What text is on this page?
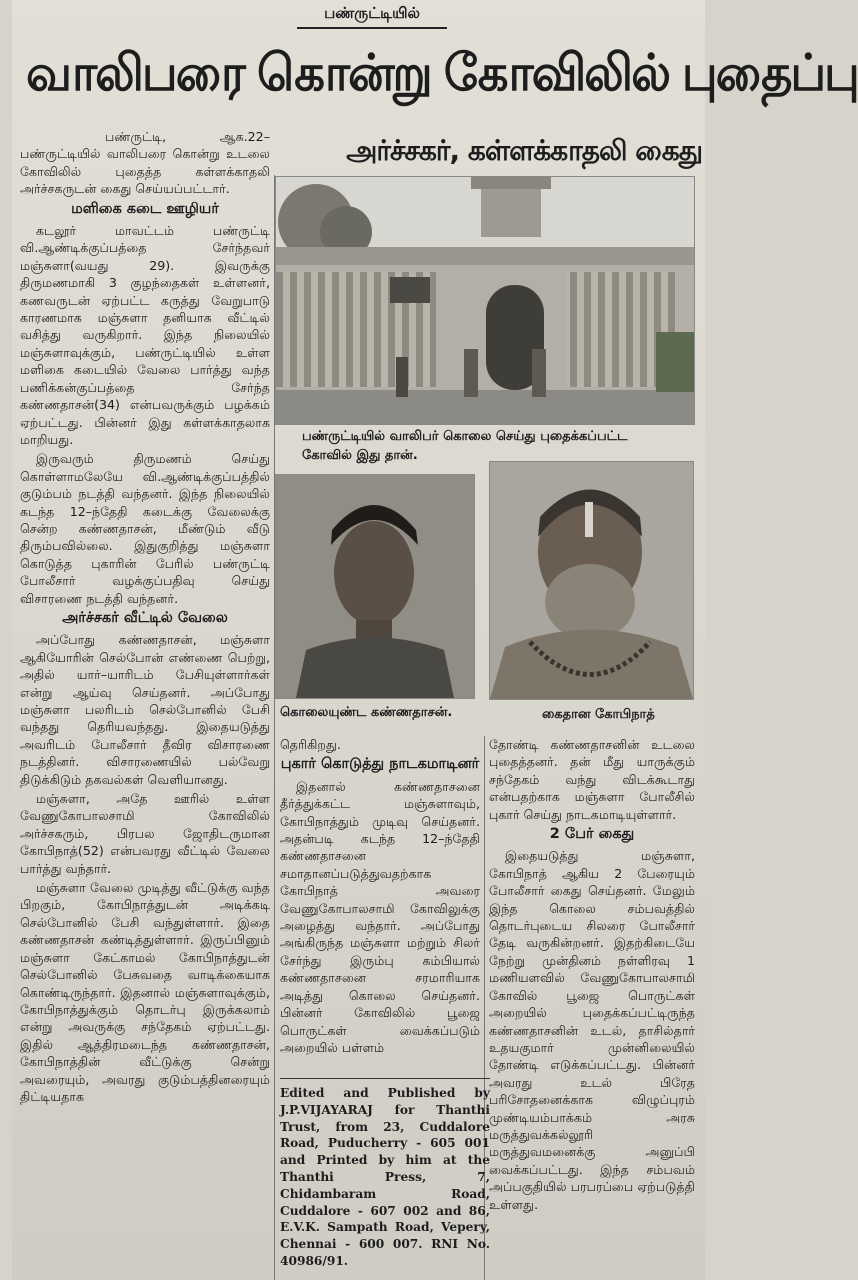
பண்ருட்டியில்
வாலிபரை கொன்று கோவிலில் புதைப்பு
அர்ச்சகர், கள்ளக்காதலி கைது

பண்ருட்டி, ஆக.22– பண்ருட்டியில் வாலிபரை கொன்று உடலை கோவிலில் புதைத்த கள்ளக்காதலி அர்ச்சகருடன் கைது செய்யப்பட்டார்.

மளிகை கடை ஊழியர்

கடலூர் மாவட்டம் பண்ருட்டி வி.ஆண்டிக்குப்பத்தை சேர்ந்தவர் மஞ்சுளா(வயது 29). இவருக்கு திருமணமாகி 3 குழந்தைகள் உள்ளனர், கணவருடன் ஏற்பட்ட கருத்து வேறுபாடு காரணமாக மஞ்சுளா தனியாக வீட்டில் வசித்து வருகிறார். இந்த நிலையில் மஞ்சுளாவுக்கும், பண்ருட்டியில் உள்ள மளிகை கடையில் வேலை பார்த்து வந்த பணிக்கன்குப்பத்தை சேர்ந்த கண்ணதாசன்(34) என்பவருக்கும் பழக்கம் ஏற்பட்டது. பின்னர் இது கள்ளக்காதலாக மாறியது.

இருவரும் திருமணம் செய்து கொள்ளாமலேயே வி.ஆண்டிக்குப்பத்தில் குடும்பம் நடத்தி வந்தனர். இந்த நிலையில் கடந்த 12–ந்தேதி கடைக்கு வேலைக்கு சென்ற கண்ணதாசன், மீண்டும் வீடு திரும்பவில்லை. இதுகுறித்து மஞ்சுளா கொடுத்த புகாரின் பேரில் பண்ருட்டி போலீசார் வழக்குப்பதிவு செய்து விசாரணை நடத்தி வந்தனர்.

அர்ச்சகர் வீட்டில் வேலை

அப்போது கண்ணதாசன், மஞ்சுளா ஆகியோரின் செல்போன் எண்ணை பெற்று, அதில் யார்–யாரிடம் பேசியுள்ளார்கள் என்று ஆய்வு செய்தனர். அப்போது மஞ்சுளா பலரிடம் செல்போனில் பேசி வந்தது தெரியவந்தது. இதையடுத்து அவரிடம் போலீசார் தீவிர விசாரணை நடத்தினர். விசாரணையில் பல்வேறு திடுக்கிடும் தகவல்கள் வெளியானது.

மஞ்சுளா, அதே ஊரில் உள்ள வேணுகோபாலசாமி கோவிலில் அர்ச்சகரும், பிரபல ஜோதிடருமான கோபிநாத்(52) என்பவரது வீட்டில் வேலை பார்த்து வந்தார்.

மஞ்சுளா வேலை முடித்து வீட்டுக்கு வந்த பிறகும், கோபிநாத்துடன் அடிக்கடி செல்போனில் பேசி வந்துள்ளார். இதை கண்ணதாசன் கண்டித்துள்ளார். இருப்பினும் மஞ்சுளா கேட்காமல் கோபிநாத்துடன் செல்போனில் பேசுவதை வாடிக்கையாக கொண்டிருந்தார். இதனால் மஞ்சுளாவுக்கும், கோபிநாத்துக்கும் தொடர்பு இருக்கலாம் என்று அவருக்கு சந்தேகம் ஏற்பட்டது. இதில் ஆத்திரமடைந்த கண்ணதாசன், கோபிநாத்தின் வீட்டுக்கு சென்று அவரையும், அவரது குடும்பத்தினரையும் திட்டியதாக

பண்ருட்டியில் வாலிபர் கொலை செய்து புதைக்கப்பட்ட
கோவில் இது தான்.
கொலையுண்ட கண்ணதாசன்.	கைதான கோபிநாத்

தெரிகிறது.

புகார் கொடுத்து நாடகமாடினர்

இதனால் கண்ணதாசனை தீர்த்துக்கட்ட மஞ்சுளாவும், கோபிநாத்தும் முடிவு செய்தனர். அதன்படி கடந்த 12–ந்தேதி கண்ணதாசனை சமாதானப்படுத்துவதற்காக கோபிநாத் அவரை வேணுகோபாலசாமி கோவிலுக்கு அழைத்து வந்தார். அப்போது அங்கிருந்த மஞ்சுளா மற்றும் சிலர் சேர்ந்து இரும்பு கம்பியால் கண்ணதாசனை சரமாரியாக அடித்து கொலை செய்தனர். பின்னர் கோவிலில் பூஜை பொருட்கள் வைக்கப்படும் அறையில் பள்ளம்

Edited and Published by J.P.VIJAYARAJ for Thanthi Trust, from 23, Cuddalore Road, Puducherry - 605 001 and Printed by him at the Thanthi Press, 7, Chidambaram Road, Cuddalore - 607 002 and 86, E.V.K. Sampath Road, Vepery, Chennai - 600 007. RNI No. 40986/91.

தோண்டி கண்ணதாசனின் உடலை புதைத்தனர். தன் மீது யாருக்கும் சந்தேகம் வந்து விடக்கூடாது என்பதற்காக மஞ்சுளா போலீசில் புகார் செய்து நாடகமாடியுள்ளார்.

2 பேர் கைது

இதையடுத்து மஞ்சுளா, கோபிநாத் ஆகிய 2 பேரையும் போலீசார் கைது செய்தனர். மேலும் இந்த கொலை சம்பவத்தில் தொடர்புடைய சிலரை போலீசார் தேடி வருகின்றனர். இதற்கிடையே நேற்று முன்தினம் நள்ளிரவு 1 மணியளவில் வேணுகோபாலசாமி கோவில் பூஜை பொருட்கள் அறையில் புதைக்கப்பட்டிருந்த கண்ணதாசனின் உடல், தாசில்தார் உதயகுமார் முன்னிலையில் தோண்டி எடுக்கப்பட்டது. பின்னர் அவரது உடல் பிரேத பரிசோதனைக்காக விழுப்புரம் முண்டியம்பாக்கம் அரசு மருத்துவக்கல்லூரி மருத்துவமனைக்கு அனுப்பி வைக்கப்பட்டது. இந்த சம்பவம் அப்பகுதியில் பரபரப்பை ஏற்படுத்தி உள்ளது.
